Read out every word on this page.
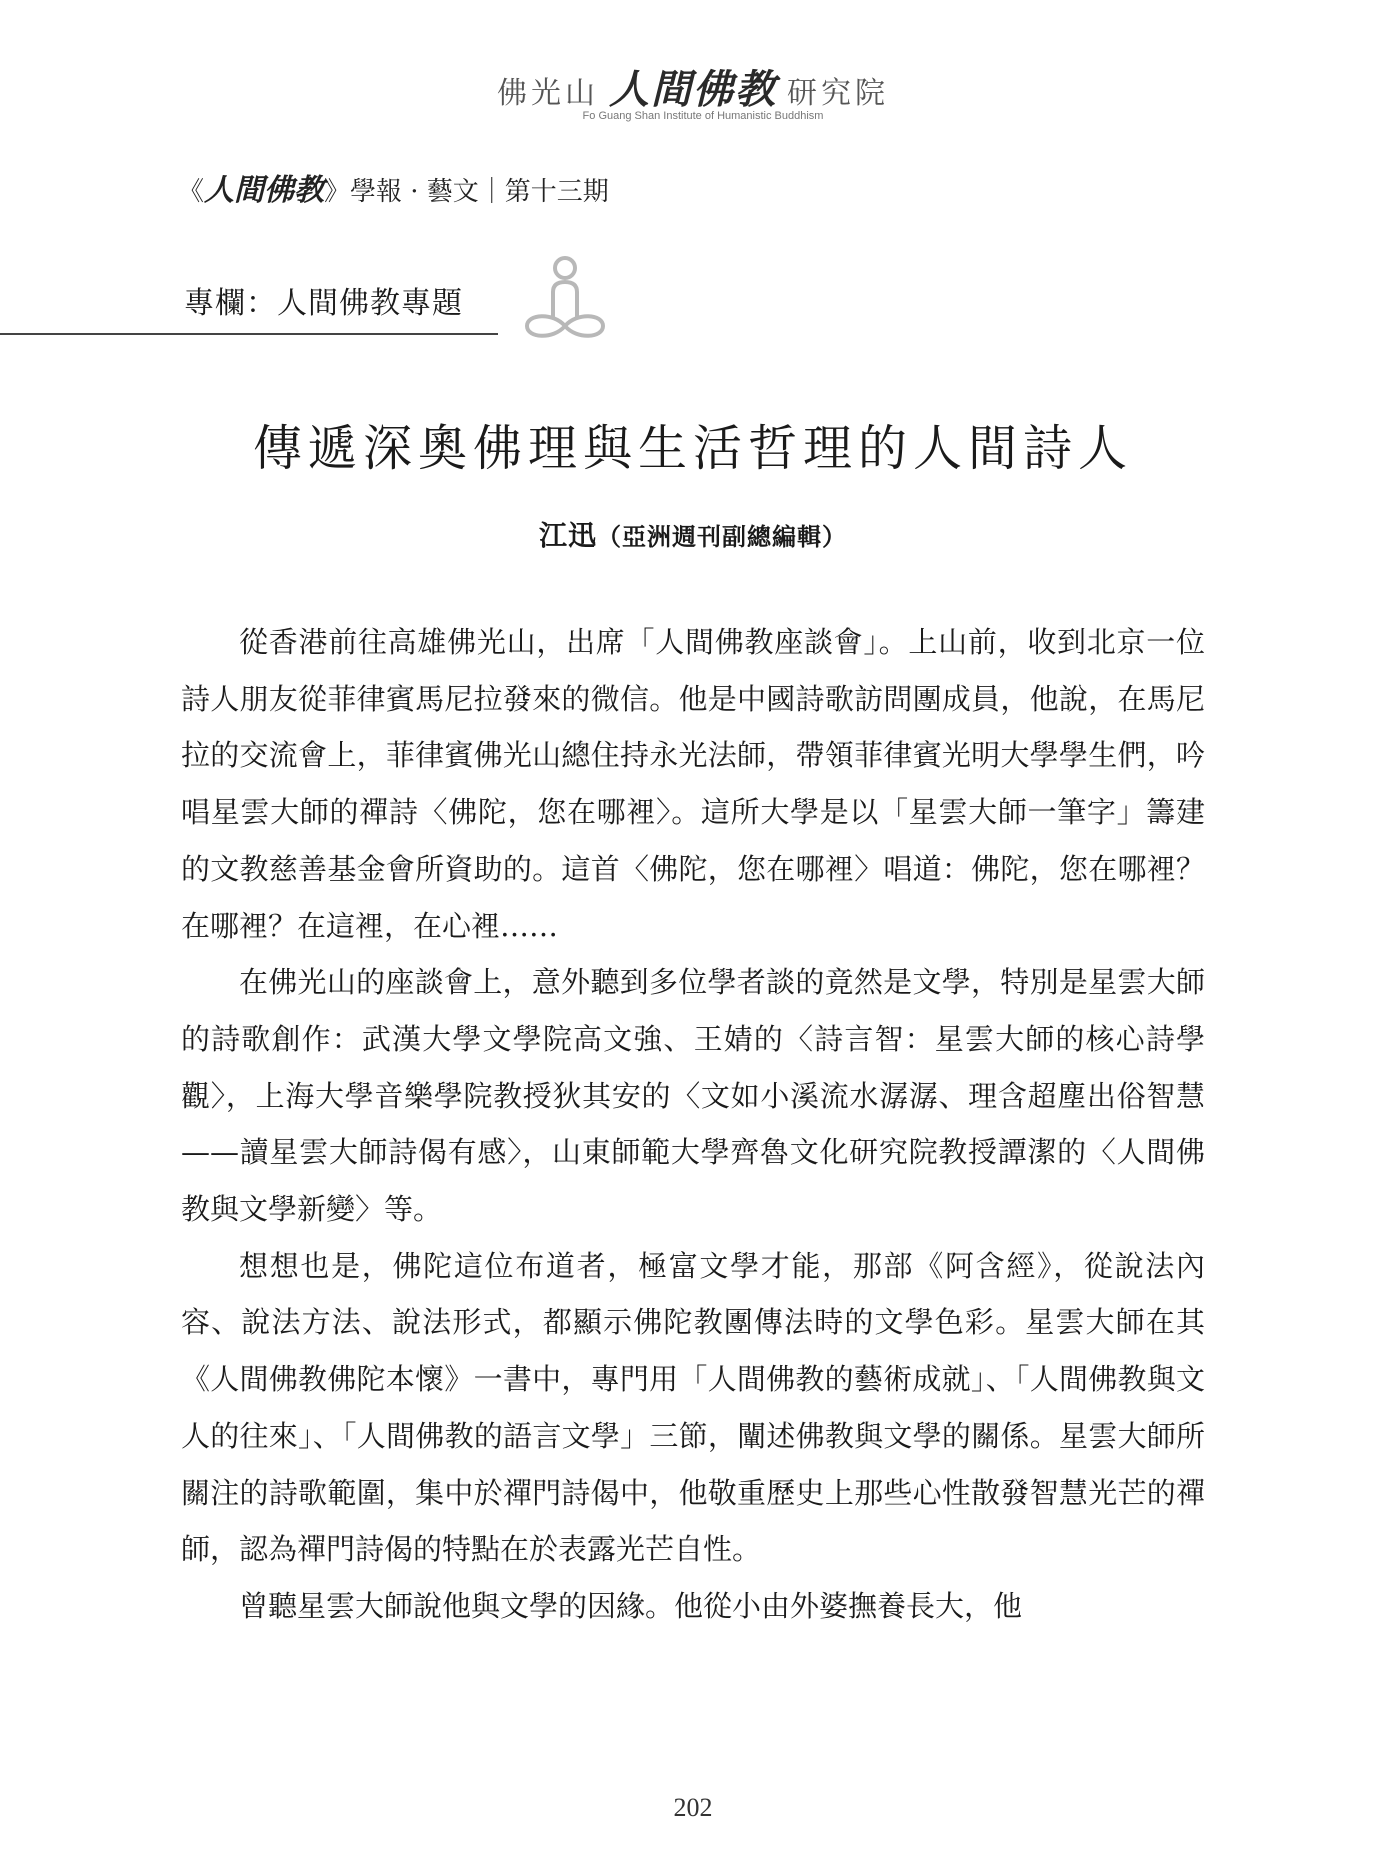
佛光山 人間佛教 研究院
Fo Guang Shan Institute of Humanistic Buddhism
《人間佛教》學報 · 藝文｜第十三期
專欄：人間佛教專題
傳遞深奧佛理與生活哲理的人間詩人
江迅（亞洲週刊副總編輯）

從香港前往高雄佛光山，出席「人間佛教座談會」。上山前，收到北京一位詩人朋友從菲律賓馬尼拉發來的微信。他是中國詩歌訪問團成員，他說，在馬尼拉的交流會上，菲律賓佛光山總住持永光法師，帶領菲律賓光明大學學生們，吟唱星雲大師的禪詩〈佛陀，您在哪裡〉。這所大學是以「星雲大師一筆字」籌建的文教慈善基金會所資助的。這首〈佛陀，您在哪裡〉唱道：佛陀，您在哪裡？在哪裡？在這裡，在心裡……

在佛光山的座談會上，意外聽到多位學者談的竟然是文學，特別是星雲大師的詩歌創作：武漢大學文學院高文強、王婧的〈詩言智：星雲大師的核心詩學觀〉，上海大學音樂學院教授狄其安的〈文如小溪流水潺潺、理含超塵出俗智慧——讀星雲大師詩偈有感〉，山東師範大學齊魯文化研究院教授譚潔的〈人間佛教與文學新變〉等。

想想也是，佛陀這位布道者，極富文學才能，那部《阿含經》，從說法內容、說法方法、說法形式，都顯示佛陀教團傳法時的文學色彩。星雲大師在其《人間佛教佛陀本懷》一書中，專門用「人間佛教的藝術成就」、「人間佛教與文人的往來」、「人間佛教的語言文學」三節，闡述佛教與文學的關係。星雲大師所關注的詩歌範圍，集中於禪門詩偈中，他敬重歷史上那些心性散發智慧光芒的禪師，認為禪門詩偈的特點在於表露光芒自性。

曾聽星雲大師說他與文學的因緣。他從小由外婆撫養長大，他

202
